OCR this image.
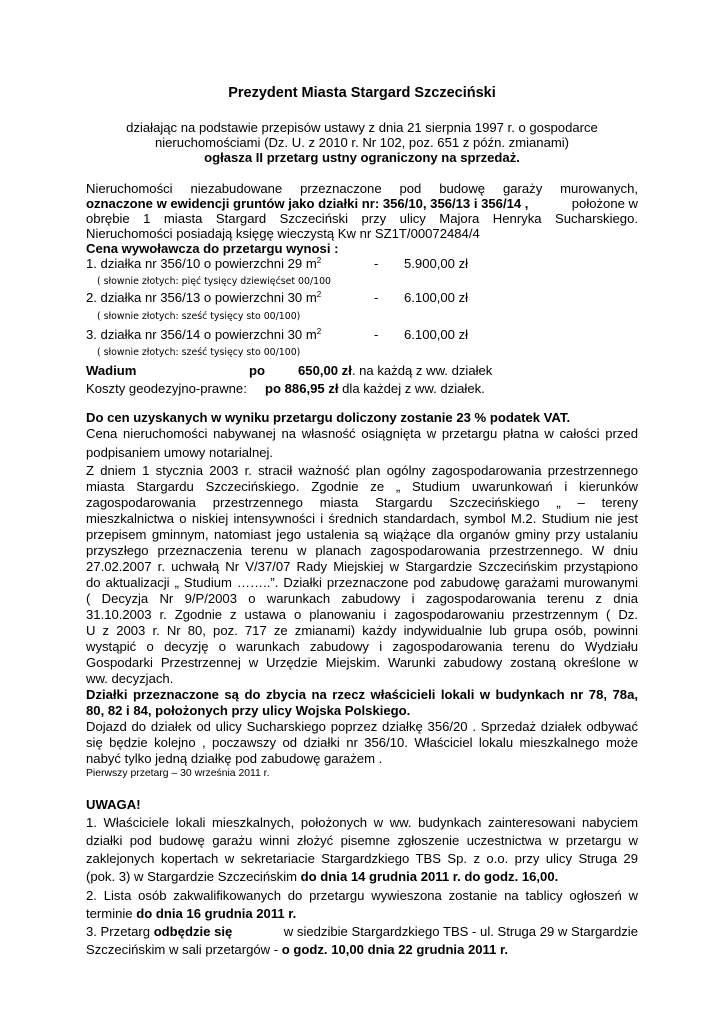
Prezydent Miasta Stargard Szczeciński
działając na podstawie przepisów ustawy z dnia 21 sierpnia 1997 r. o gospodarce
nieruchomościami (Dz. U. z 2010 r. Nr 102, poz. 651 z późn. zmianami)
ogłasza II przetarg ustny ograniczony na sprzedaż.
Nieruchomości niezabudowane przeznaczone pod budowę garaży murowanych,
oznaczone w ewidencji gruntów jako działki nr: 356/10, 356/13 i 356/14 ,	położone w
obrębie 1 miasta Stargard Szczeciński przy ulicy Majora Henryka Sucharskiego.
Nieruchomości posiadają księgę wieczystą Kw nr SZ1T/00072484/4
Cena wywoławcza do przetargu wynosi :
1. działka nr 356/10 o powierzchni 29 $m^2$	- 5.900,00 zł
( słownie złotych: pięć tysięcy dziewięćset 00/100
2. działka nr 356/13 o powierzchni 30 $m^2$	- 6.100,00 zł
( słownie złotych: sześć tysięcy sto 00/100)
3. działka nr 356/14 o powierzchni 30 $m^2$	- 6.100,00 zł
( słownie złotych: sześć tysięcy sto 00/100)
Wadium	po	650,00 zł. na każdą z ww. działek
Koszty geodezyjno-prawne: po 886,95 zł dla każdej z ww. działek.
Do cen uzyskanych w wyniku przetargu doliczony zostanie 23 % podatek VAT.
Cena nieruchomości nabywanej na własność osiągnięta w przetargu płatna w całości przed
podpisaniem umowy notarialnej.
Z dniem 1 stycznia 2003 r. stracił ważność plan ogólny zagospodarowania przestrzennego
miasta Stargardu Szczecińskiego. Zgodnie ze „ Studium uwarunkowań i kierunków
zagospodarowania przestrzennego miasta Stargardu Szczecińskiego „ – tereny
mieszkalnictwa o niskiej intensywności i średnich standardach, symbol M.2. Studium nie jest
przepisem gminnym, natomiast jego ustalenia są wiążące dla organów gminy przy ustalaniu
przyszłego przeznaczenia terenu w planach zagospodarowania przestrzennego. W dniu
27.02.2007 r. uchwałą Nr V/37/07 Rady Miejskiej w Stargardzie Szczecińskim przystąpiono
do aktualizacji „ Studium ……..”. Działki przeznaczone pod zabudowę garażami murowanymi
( Decyzja Nr 9/P/2003 o warunkach zabudowy i zagospodarowania terenu z dnia
31.10.2003 r. Zgodnie z ustawa o planowaniu i zagospodarowaniu przestrzennym ( Dz.
U z 2003 r. Nr 80, poz. 717 ze zmianami) każdy indywidualnie lub grupa osób, powinni
wystąpić o decyzję o warunkach zabudowy i zagospodarowania terenu do Wydziału
Gospodarki Przestrzennej w Urzędzie Miejskim. Warunki zabudowy zostaną określone w
ww. decyzjach.
Działki przeznaczone są do zbycia na rzecz właścicieli lokali w budynkach nr 78, 78a,
80, 82 i 84, położonych przy ulicy Wojska Polskiego.
Dojazd do działek od ulicy Sucharskiego poprzez działkę 356/20 . Sprzedaż działek odbywać
się będzie kolejno , poczawszy od działki nr 356/10. Właściciel lokalu mieszkalnego może
nabyć tylko jedną działkę pod zabudowę garażem .
Pierwszy przetarg – 30 września 2011 r.
UWAGA!
1. Właściciele lokali mieszkalnych, położonych w ww. budynkach zainteresowani nabyciem
działki pod budowę garażu winni złożyć pisemne zgłoszenie uczestnictwa w przetargu w
zaklejonych kopertach w sekretariacie Stargardzkiego TBS Sp. z o.o. przy ulicy Struga 29
(pok. 3) w Stargardzie Szczecińskim do dnia 14 grudnia 2011 r. do godz. 16,00.
2. Lista osób zakwalifikowanych do przetargu wywieszona zostanie na tablicy ogłoszeń w
terminie do dnia 16 grudnia 2011 r.
3. Przetarg odbędzie się	w siedzibie Stargardzkiego TBS - ul. Struga 29 w Stargardzie
Szczecińskim w sali przetargów - o godz. 10,00 dnia 22 grudnia 2011 r.
